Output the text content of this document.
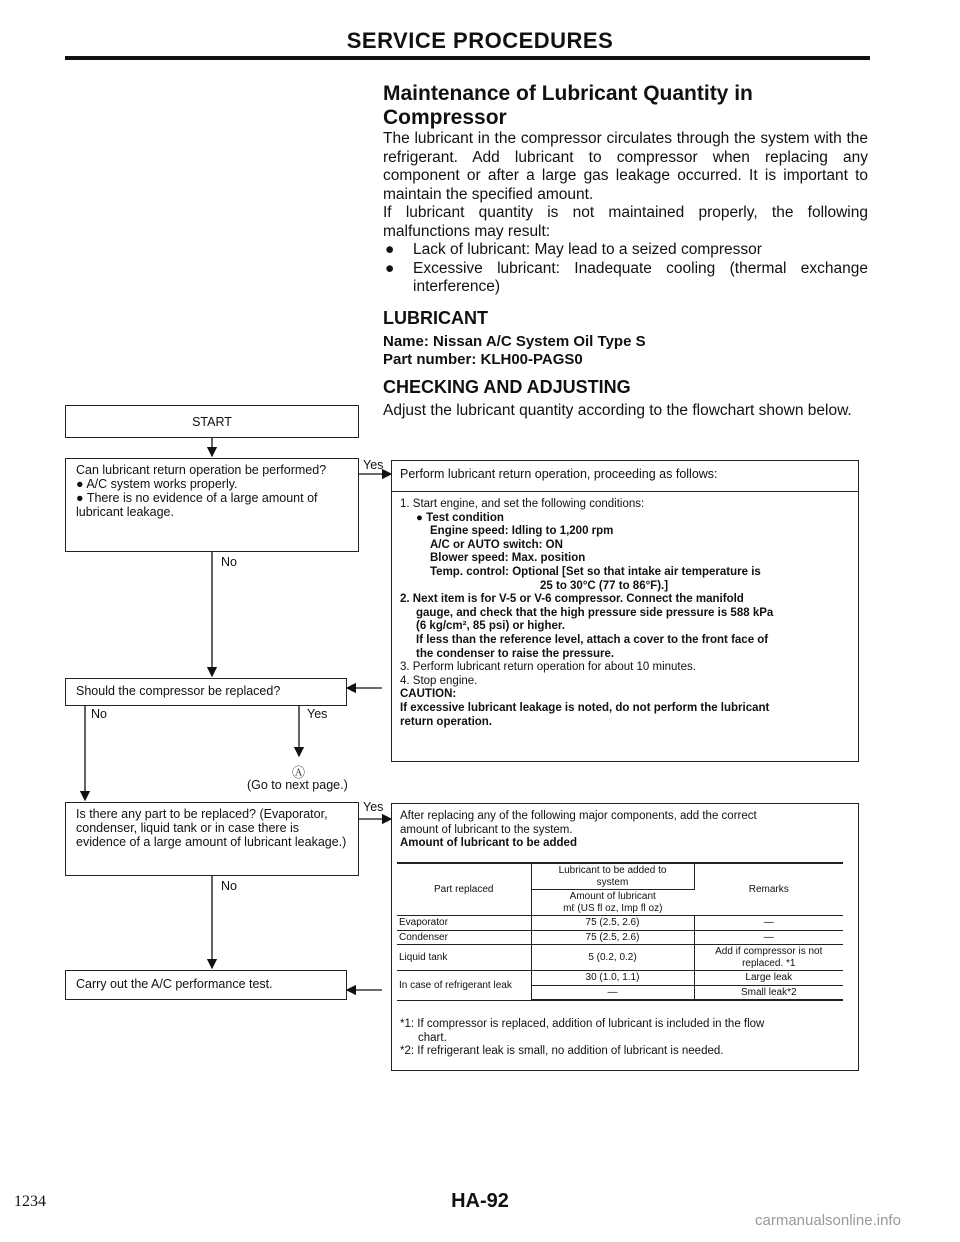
SERVICE PROCEDURES
Maintenance of Lubricant Quantity in Compressor

The lubricant in the compressor circulates through the system with the refrigerant. Add lubricant to compressor when replacing any component or after a large gas leakage occurred. It is important to maintain the specified amount.

If lubricant quantity is not maintained properly, the following malfunctions may result:

●	Lack of lubricant: May lead to a seized compressor
●	Excessive lubricant: Inadequate cooling (thermal exchange interference)
LUBRICANT
Name: Nissan A/C System Oil Type S
Part number: KLH00-PAGS0
CHECKING AND ADJUSTING
Adjust the lubricant quantity according to the flowchart shown below.
START
Can lubricant return operation be performed?
● A/C system works properly.
● There is no evidence of a large amount of lubricant leakage.
No
Yes
Should the compressor be replaced?
No	Yes
Ⓐ
(Go to next page.)
Is there any part to be replaced? (Evaporator, condenser, liquid tank or in case there is evidence of a large amount of lubricant leakage.)
Yes
No
Carry out the A/C performance test.
Perform lubricant return operation, proceeding as follows:
1. Start engine, and set the following conditions:
● Test condition
Engine speed: Idling to 1,200 rpm
A/C or AUTO switch: ON
Blower speed: Max. position
Temp. control: Optional [Set so that intake air temperature is
25 to 30°C (77 to 86°F).]
2. Next item is for V-5 or V-6 compressor. Connect the manifold
gauge, and check that the high pressure side pressure is 588 kPa
(6 kg/cm², 85 psi) or higher.
If less than the reference level, attach a cover to the front face of
the condenser to raise the pressure.
3. Perform lubricant return operation for about 10 minutes.
4. Stop engine.
CAUTION:
If excessive lubricant leakage is noted, do not perform the lubricant
return operation.
After replacing any of the following major components, add the correct
amount of lubricant to the system.
Amount of lubricant to be added
*1: If compressor is replaced, addition of lubricant is included in the flow
chart.
*2: If refrigerant leak is small, no addition of lubricant is needed.
Part replaced	Lubricant to be added to
system	Remarks

	Amount of lubricant
mℓ (US fl oz, Imp fl oz)	

Evaporator	75 (2.5, 2.6)	—
Condenser	75 (2.5, 2.6)	—
Liquid tank	5 (0.2, 0.2)	Add if compressor is not
replaced. *1

In case of refrigerant leak	30 (1.0, 1.1)	Large leak
	—	Small leak*2
1234	HA-92
carmanualsonline.info
